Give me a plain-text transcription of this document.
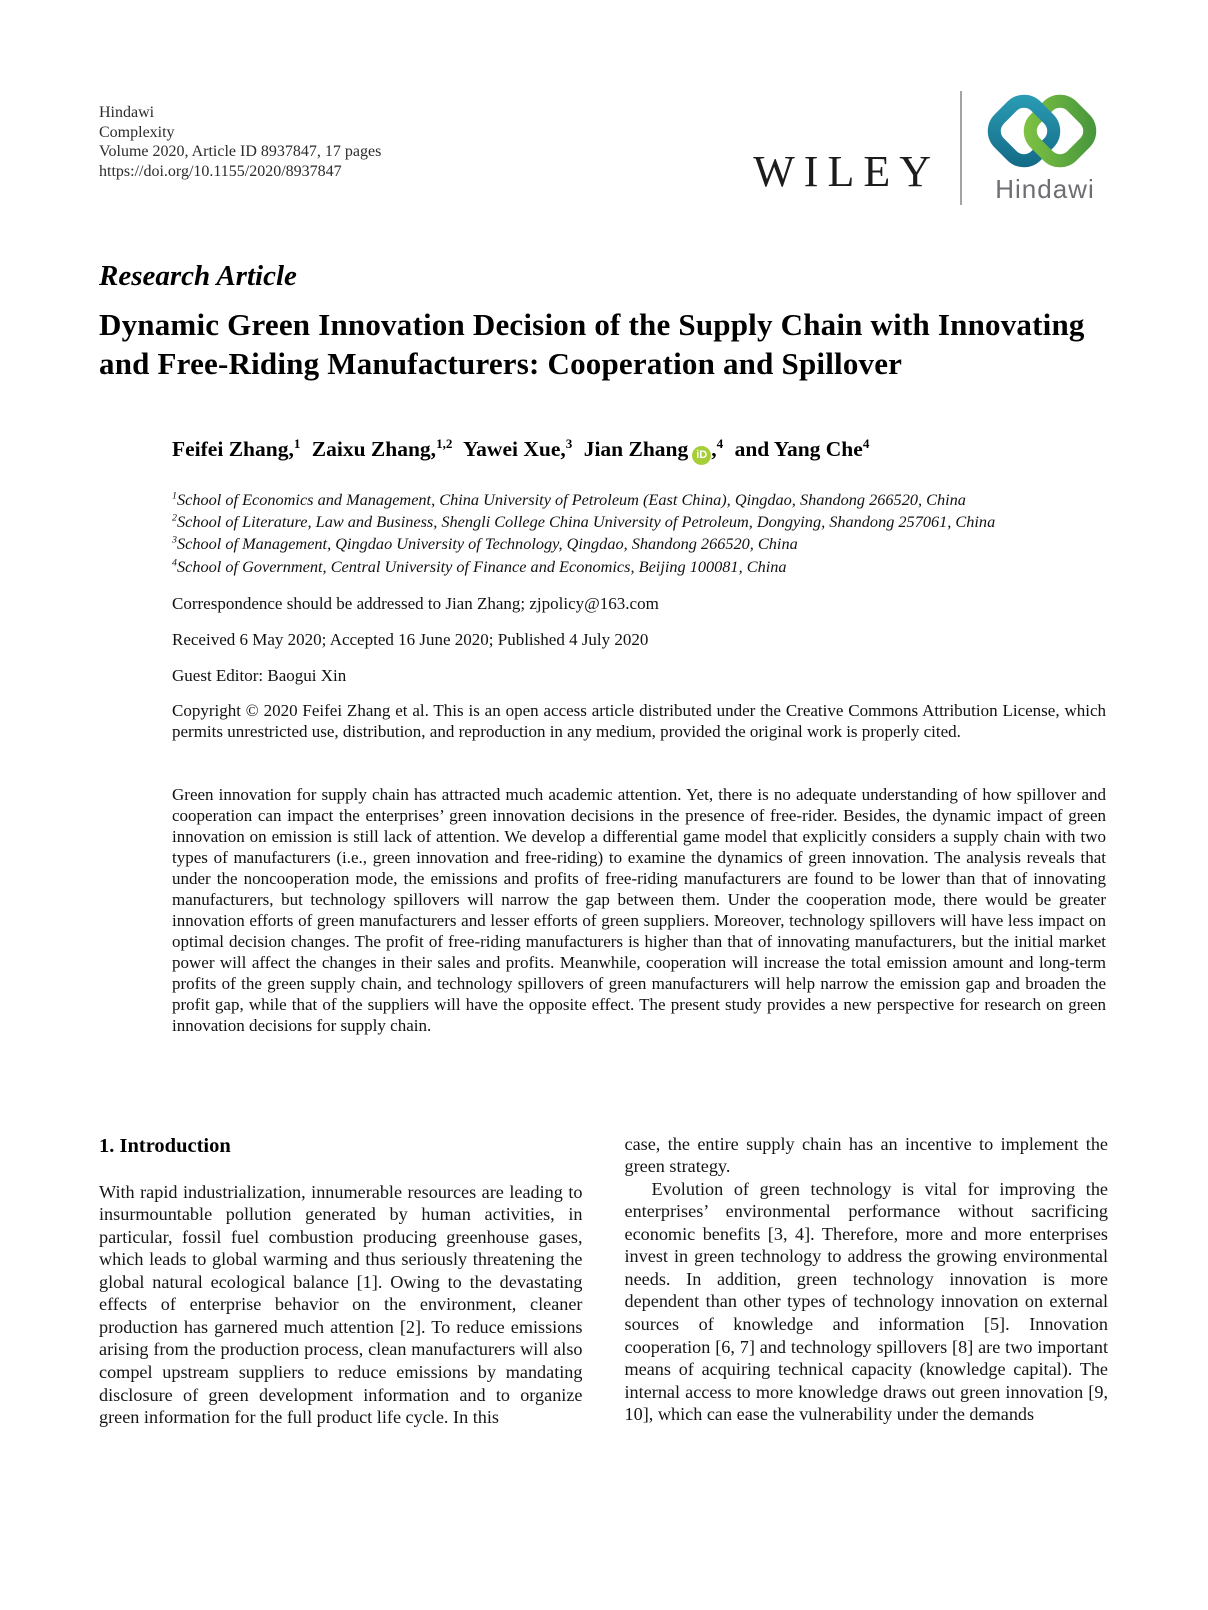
Hindawi
Complexity
Volume 2020, Article ID 8937847, 17 pages
https://doi.org/10.1155/2020/8937847	WILEY Hindawi
Research Article
Dynamic Green Innovation Decision of the Supply Chain with Innovating and Free-Riding Manufacturers: Cooperation and Spillover

Feifei Zhang,$^1$ Zaixu Zhang,$^{1,2}$ Yawei Xue,$^3$ Jian Zhang iD ,$^4$ and Yang Che$^4$

$^1$School of Economics and Management, China University of Petroleum (East China), Qingdao, Shandong 266520, China
$^2$School of Literature, Law and Business, Shengli College China University of Petroleum, Dongying, Shandong 257061, China
$^3$School of Management, Qingdao University of Technology, Qingdao, Shandong 266520, China
$^4$School of Government, Central University of Finance and Economics, Beijing 100081, China

Correspondence should be addressed to Jian Zhang; zjpolicy@163.com

Received 6 May 2020; Accepted 16 June 2020; Published 4 July 2020

Guest Editor: Baogui Xin

Copyright © 2020 Feifei Zhang et al. This is an open access article distributed under the Creative Commons Attribution License, which permits unrestricted use, distribution, and reproduction in any medium, provided the original work is properly cited.

Green innovation for supply chain has attracted much academic attention. Yet, there is no adequate understanding of how spillover and cooperation can impact the enterprises’ green innovation decisions in the presence of free-rider. Besides, the dynamic impact of green innovation on emission is still lack of attention. We develop a differential game model that explicitly considers a supply chain with two types of manufacturers (i.e., green innovation and free-riding) to examine the dynamics of green innovation. The analysis reveals that under the noncooperation mode, the emissions and profits of free-riding manufacturers are found to be lower than that of innovating manufacturers, but technology spillovers will narrow the gap between them. Under the cooperation mode, there would be greater innovation efforts of green manufacturers and lesser efforts of green suppliers. Moreover, technology spillovers will have less impact on optimal decision changes. The profit of free-riding manufacturers is higher than that of innovating manufacturers, but the initial market power will affect the changes in their sales and profits. Meanwhile, cooperation will increase the total emission amount and long-term profits of the green supply chain, and technology spillovers of green manufacturers will help narrow the emission gap and broaden the profit gap, while that of the suppliers will have the opposite effect. The present study provides a new perspective for research on green innovation decisions for supply chain.

1. Introduction

With rapid industrialization, innumerable resources are leading to insurmountable pollution generated by human activities, in particular, fossil fuel combustion producing greenhouse gases, which leads to global warming and thus seriously threatening the global natural ecological balance [1]. Owing to the devastating effects of enterprise behavior on the environment, cleaner production has garnered much attention [2]. To reduce emissions arising from the production process, clean manufacturers will also compel upstream suppliers to reduce emissions by mandating disclosure of green development information and to organize green information for the full product life cycle. In this

case, the entire supply chain has an incentive to implement the green strategy.

Evolution of green technology is vital for improving the enterprises’ environmental performance without sacrificing economic benefits [3, 4]. Therefore, more and more enterprises invest in green technology to address the growing environmental needs. In addition, green technology innovation is more dependent than other types of technology innovation on external sources of knowledge and information [5]. Innovation cooperation [6, 7] and technology spillovers [8] are two important means of acquiring technical capacity (knowledge capital). The internal access to more knowledge draws out green innovation [9, 10], which can ease the vulnerability under the demands
